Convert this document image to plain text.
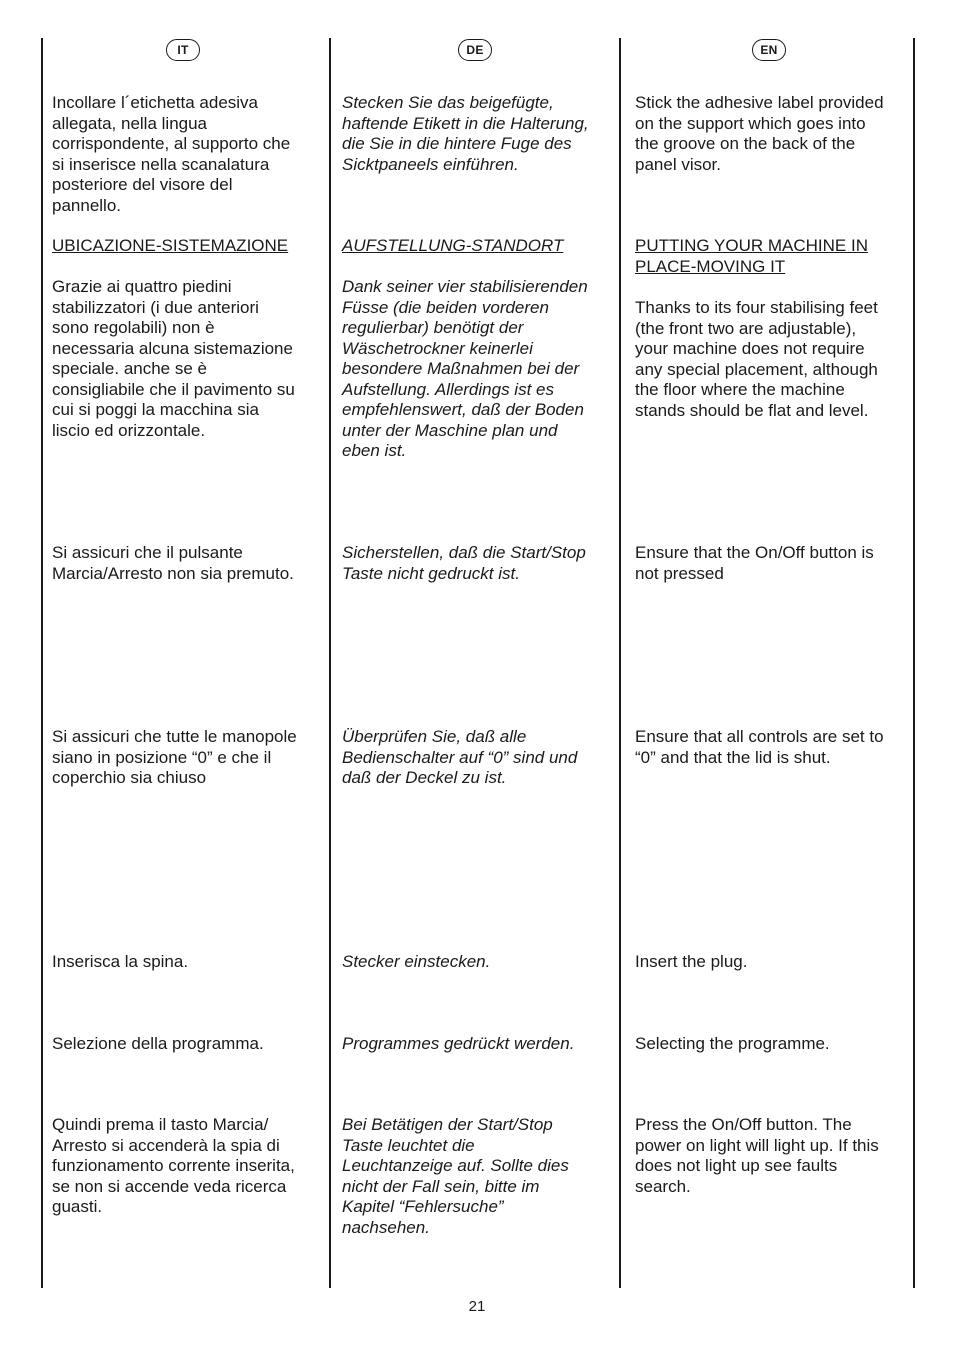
IT	DE	EN
Incollare l´etichetta adesiva
allegata, nella lingua
corrispondente, al supporto che
si inserisce nella scanalatura
posteriore del visore del
pannello.
UBICAZIONE-SISTEMAZIONE
Grazie ai quattro piedini
stabilizzatori (i due anteriori
sono regolabili) non è
necessaria alcuna sistemazione
speciale. anche se è
consigliabile che il pavimento su
cui si poggi la macchina sia
liscio ed orizzontale.
Si assicuri che il pulsante
Marcia/Arresto non sia premuto.
Si assicuri che tutte le manopole
siano in posizione “0” e che il
coperchio sia chiuso
Inserisca la spina.
Selezione della programma.
Quindi prema il tasto Marcia/
Arresto si accenderà la spia di
funzionamento corrente inserita,
se non si accende veda ricerca
guasti.
Stecken Sie das beigefügte,
haftende Etikett in die Halterung,
die Sie in die hintere Fuge des
Sicktpaneels einführen.
AUFSTELLUNG-STANDORT
Dank seiner vier stabilisierenden
Füsse (die beiden vorderen
regulierbar) benötigt der
Wäschetrockner keinerlei
besondere Maßnahmen bei der
Aufstellung. Allerdings ist es
empfehlenswert, daß der Boden
unter der Maschine plan und
eben ist.
Sicherstellen, daß die Start/Stop
Taste nicht gedruckt ist.
Überprüfen Sie, daß alle
Bedienschalter auf “0” sind und
daß der Deckel zu ist.
Stecker einstecken.
Programmes gedrückt werden.
Bei Betätigen der Start/Stop
Taste leuchtet die
Leuchtanzeige auf. Sollte dies
nicht der Fall sein, bitte im
Kapitel “Fehlersuche”
nachsehen.
Stick the adhesive label provided
on the support which goes into
the groove on the back of the
panel visor.
PUTTING YOUR MACHINE IN
PLACE-MOVING IT
Thanks to its four stabilising feet
(the front two are adjustable),
your machine does not require
any special placement, although
the floor where the machine
stands should be flat and level.
Ensure that the On/Off button is
not pressed
Ensure that all controls are set to
“0” and that the lid is shut.
Insert the plug.
Selecting the programme.
Press the On/Off button. The
power on light will light up. If this
does not light up see faults
search.
21
